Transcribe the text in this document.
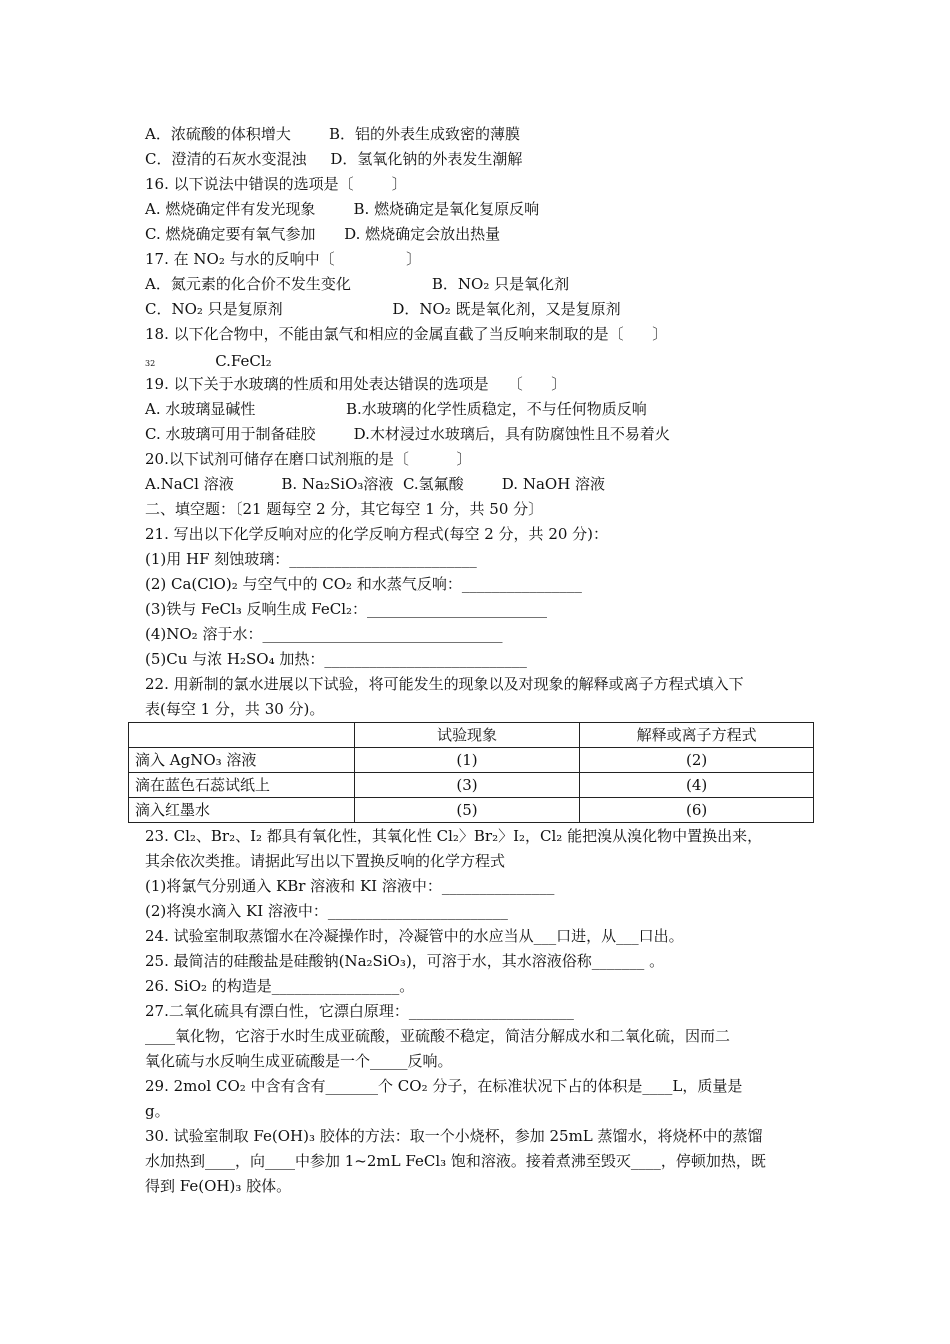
A．浓硫酸的体积增大        B．铝的外表生成致密的薄膜
C．澄清的石灰水变混浊     D．氢氧化钠的外表发生潮解
16. 以下说法中错误的选项是〔        〕
A. 燃烧确定伴有发光现象        B. 燃烧确定是氧化复原反响
C. 燃烧确定要有氧气参加      D. 燃烧确定会放出热量
17. 在 NO₂ 与水的反响中〔               〕
A．氮元素的化合价不发生变化                 B．NO₂ 只是氧化剂
C．NO₂ 只是复原剂                       D．NO₂ 既是氧化剂，又是复原剂
18. 以下化合物中，不能由氯气和相应的金属直截了当反响来制取的是〔      〕
32	C.FeCl₂
19. 以下关于水玻璃的性质和用处表达错误的选项是    〔      〕
A. 水玻璃显碱性                   B.水玻璃的化学性质稳定，不与任何物质反响
C. 水玻璃可用于制备硅胶        D.木材浸过水玻璃后，具有防腐蚀性且不易着火
20.以下试剂可储存在磨口试剂瓶的是〔          〕
A.NaCl 溶液          B. Na₂SiO₃溶液  C.氢氟酸        D. NaOH 溶液
二、填空题：〔21 题每空 2 分，其它每空 1 分，共 50 分〕
21. 写出以下化学反响对应的化学反响方程式(每空 2 分，共 20 分)：
(1)用 HF 刻蚀玻璃：_________________________
(2) Ca(ClO)₂ 与空气中的 CO₂ 和水蒸气反响：________________
(3)铁与 FeCl₃ 反响生成 FeCl₂：________________________
(4)NO₂ 溶于水：________________________________
(5)Cu 与浓 H₂SO₄ 加热：___________________________
22. 用新制的氯水进展以下试验，将可能发生的现象以及对现象的解释或离子方程式填入下
表(每空 1 分，共 30 分)。
	试验现象	解释或离子方程式
滴入 AgNO₃ 溶液	(1)	(2)
滴在蓝色石蕊试纸上	(3)	(4)
滴入红墨水	(5)	(6)
23. Cl₂、Br₂、I₂ 都具有氧化性，其氧化性 Cl₂〉Br₂〉I₂，Cl₂ 能把溴从溴化物中置换出来，
其余依次类推。请据此写出以下置换反响的化学方程式
(1)将氯气分别通入 KBr 溶液和 KI 溶液中：_______________
(2)将溴水滴入 KI 溶液中：________________________
24. 试验室制取蒸馏水在冷凝操作时，冷凝管中的水应当从___口进，从___口出。
25. 最简洁的硅酸盐是硅酸钠(Na₂SiO₃)，可溶于水，其水溶液俗称_______ 。
26. SiO₂ 的构造是_________________。
27.二氧化硫具有漂白性，它漂白原理：______________________
____氧化物，它溶于水时生成亚硫酸，亚硫酸不稳定，简洁分解成水和二氧化硫，因而二
氧化硫与水反响生成亚硫酸是一个_____反响。
29. 2mol CO₂ 中含有含有_______个 CO₂ 分子，在标准状况下占的体积是____L，质量是
g。
30. 试验室制取 Fe(OH)₃ 胶体的方法：取一个小烧杯，参加 25mL 蒸馏水，将烧杯中的蒸馏
水加热到____，向____中参加 1~2mL FeCl₃ 饱和溶液。接着煮沸至毁灭____，停顿加热，既
得到 Fe(OH)₃ 胶体。
